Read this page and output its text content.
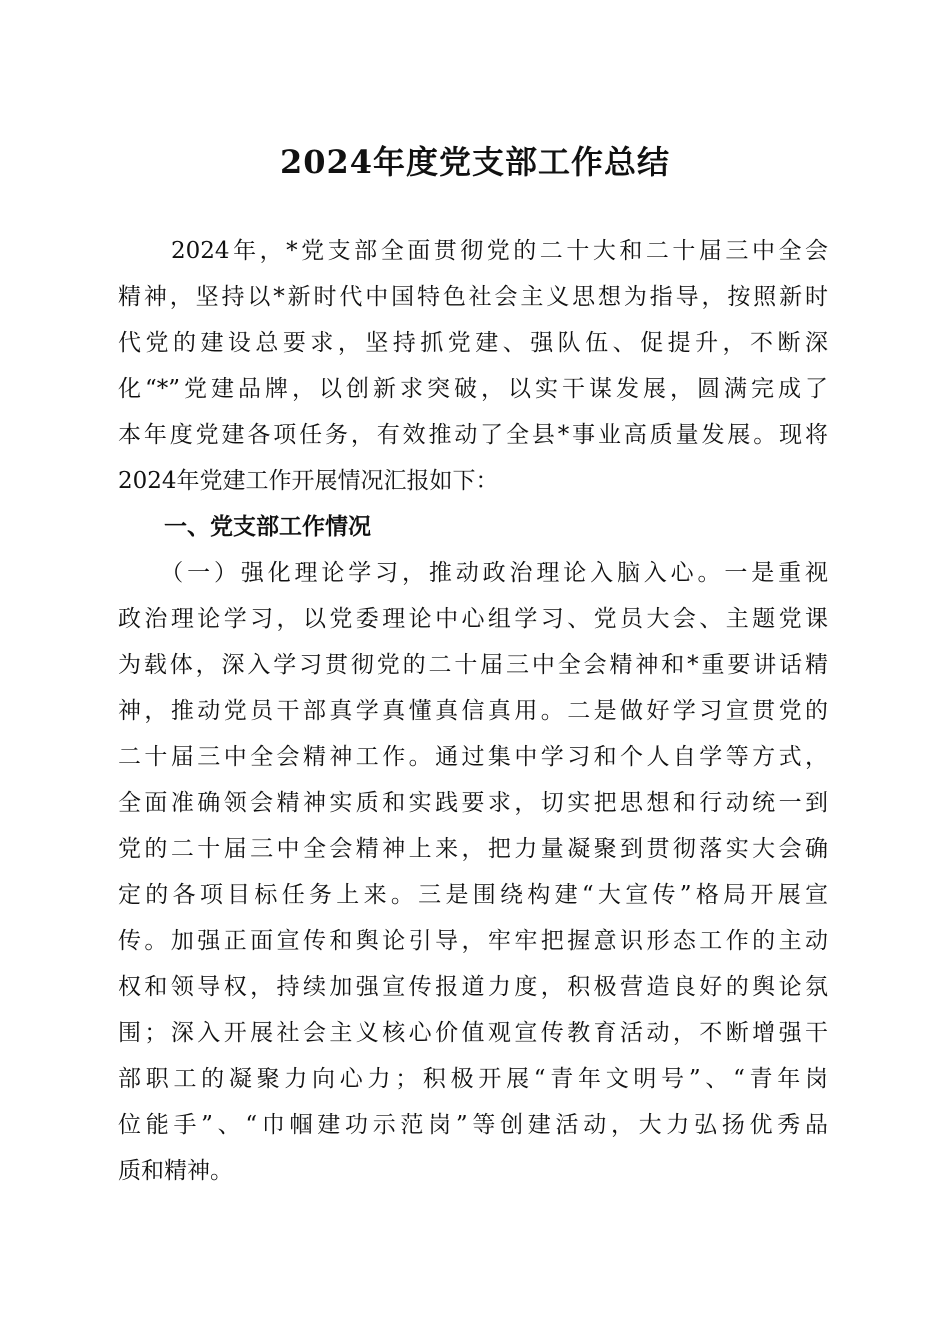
2024年度党支部工作总结
　　2024年，*党支部全面贯彻党的二十大和二十届三中全会
精神，坚持以*新时代中国特色社会主义思想为指导，按照新时
代党的建设总要求，坚持抓党建、强队伍、促提升，不断深
化“*”党建品牌，以创新求突破，以实干谋发展，圆满完成了
本年度党建各项任务，有效推动了全县*事业高质量发展。现将
2024年党建工作开展情况汇报如下：
　　一、党支部工作情况
　　（一）强化理论学习，推动政治理论入脑入心。一是重视
政治理论学习，以党委理论中心组学习、党员大会、主题党课
为载体，深入学习贯彻党的二十届三中全会精神和*重要讲话精
神，推动党员干部真学真懂真信真用。二是做好学习宣贯党的
二十届三中全会精神工作。通过集中学习和个人自学等方式，
全面准确领会精神实质和实践要求，切实把思想和行动统一到
党的二十届三中全会精神上来，把力量凝聚到贯彻落实大会确
定的各项目标任务上来。三是围绕构建“大宣传”格局开展宣
传。加强正面宣传和舆论引导，牢牢把握意识形态工作的主动
权和领导权，持续加强宣传报道力度，积极营造良好的舆论氛
围；深入开展社会主义核心价值观宣传教育活动，不断增强干
部职工的凝聚力向心力；积极开展“青年文明号”、“青年岗
位能手”、“巾帼建功示范岗”等创建活动，大力弘扬优秀品
质和精神。
